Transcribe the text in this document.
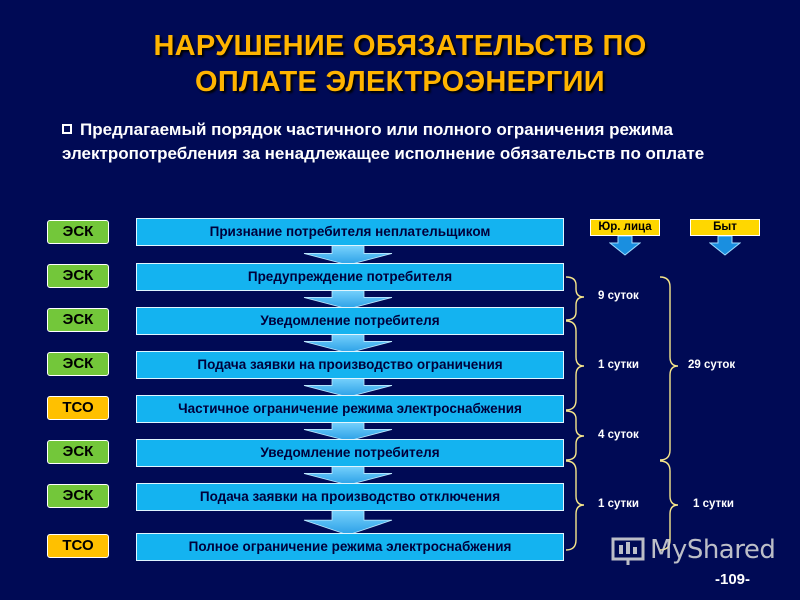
НАРУШЕНИЕ ОБЯЗАТЕЛЬСТВ ПО
ОПЛАТЕ ЭЛЕКТРОЭНЕРГИИ
Предлагаемый порядок частичного или полного ограничения режима электропотребления за ненадлежащее исполнение обязательств по оплате
ЭСК
ЭСК
ЭСК
ЭСК
ТСО
ЭСК
ЭСК
ТСО
Признание потребителя неплательщиком
Предупреждение потребителя
Уведомление потребителя
Подача заявки на производство ограничения
Частичное ограничение режима электроснабжения
Уведомление потребителя
Подача заявки на производство отключения
Полное ограничение режима электроснабжения
Юр. лица	Быт
9 суток
1 сутки
4 суток
1 сутки
29 суток
1 сутки
MyShared
-109-
